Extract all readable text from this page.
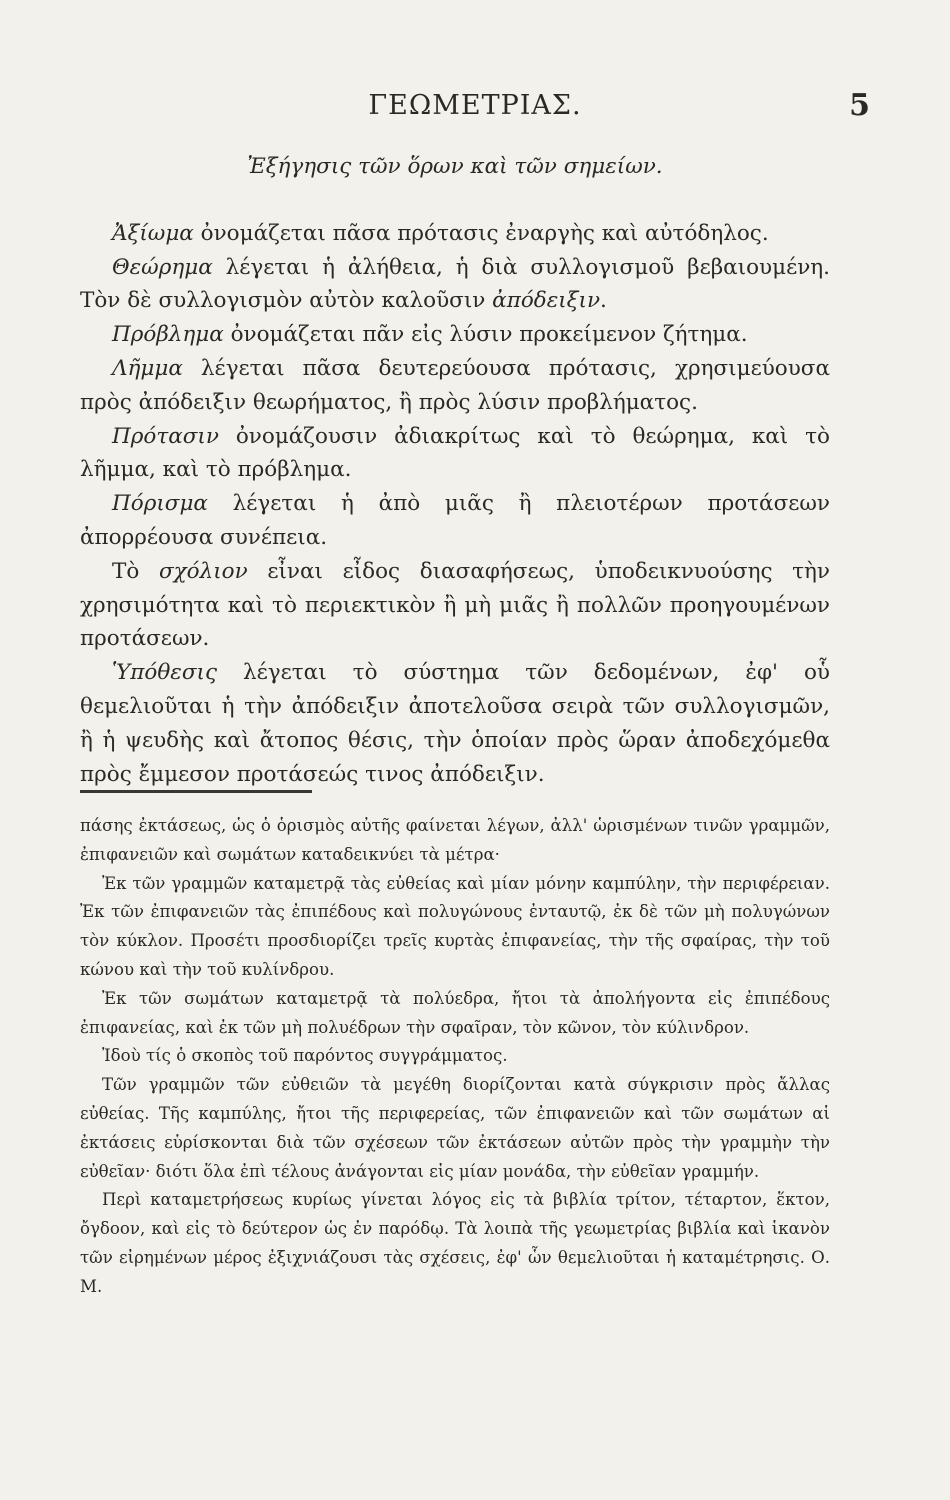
ΓΕΩΜΕΤΡΙΑΣ.	5

Ἐξήγησις τῶν ὅρων καὶ τῶν σημείων.

Ἀξίωμα ὀνομάζεται πᾶσα πρότασις ἐναργὴς καὶ αὐτόδηλος.

Θεώρημα λέγεται ἡ ἀλήθεια, ἡ διὰ συλλογισμοῦ βεβαιουμένη. Τὸν δὲ συλλογισμὸν αὐτὸν καλοῦσιν ἀπόδειξιν.

Πρόβλημα ὀνομάζεται πᾶν εἰς λύσιν προκείμενον ζήτημα.

Λῆμμα λέγεται πᾶσα δευτερεύουσα πρότασις, χρησιμεύουσα πρὸς ἀπόδειξιν θεωρήματος, ἢ πρὸς λύσιν προβλήματος.

Πρότασιν ὀνομάζουσιν ἀδιακρίτως καὶ τὸ θεώρημα, καὶ τὸ λῆμμα, καὶ τὸ πρόβλημα.

Πόρισμα λέγεται ἡ ἀπὸ μιᾶς ἢ πλειοτέρων προτάσεων ἀπορρέουσα συνέπεια.

Τὸ σχόλιον εἶναι εἶδος διασαφήσεως, ὑποδεικνυούσης τὴν χρησιμότητα καὶ τὸ περιεκτικὸν ἢ μὴ μιᾶς ἢ πολλῶν προηγουμένων προτάσεων.

Ὑπόθεσις λέγεται τὸ σύστημα τῶν δεδομένων, ἐφ' οὗ θεμελιοῦται ἡ τὴν ἀπόδειξιν ἀποτελοῦσα σειρὰ τῶν συλλογισμῶν, ἢ ἡ ψευδὴς καὶ ἄτοπος θέσις, τὴν ὁποίαν πρὸς ὥραν ἀποδεχόμεθα πρὸς ἔμμεσον προτάσεώς τινος ἀπόδειξιν.

πάσης ἐκτάσεως, ὡς ὁ ὁρισμὸς αὐτῆς φαίνεται λέγων, ἀλλ' ὡρισμένων τινῶν γραμμῶν, ἐπιφανειῶν καὶ σωμάτων καταδεικνύει τὰ μέτρα·

Ἐκ τῶν γραμμῶν καταμετρᾷ τὰς εὐθείας καὶ μίαν μόνην καμπύλην, τὴν περιφέρειαν. Ἐκ τῶν ἐπιφανειῶν τὰς ἐπιπέδους καὶ πολυγώνους ἐνταυτῷ, ἐκ δὲ τῶν μὴ πολυγώνων τὸν κύκλον. Προσέτι προσδιορίζει τρεῖς κυρτὰς ἐπιφανείας, τὴν τῆς σφαίρας, τὴν τοῦ κώνου καὶ τὴν τοῦ κυλίνδρου.

Ἐκ τῶν σωμάτων καταμετρᾷ τὰ πολύεδρα, ἤτοι τὰ ἀπολήγοντα εἰς ἐπιπέδους ἐπιφανείας, καὶ ἐκ τῶν μὴ πολυέδρων τὴν σφαῖραν, τὸν κῶνον, τὸν κύλινδρον.

Ἰδοὺ τίς ὁ σκοπὸς τοῦ παρόντος συγγράμματος.

Τῶν γραμμῶν τῶν εὐθειῶν τὰ μεγέθη διορίζονται κατὰ σύγκρισιν πρὸς ἄλλας εὐθείας. Τῆς καμπύλης, ἤτοι τῆς περιφερείας, τῶν ἐπιφανειῶν καὶ τῶν σωμάτων αἱ ἐκτάσεις εὑρίσκονται διὰ τῶν σχέσεων τῶν ἐκτάσεων αὐτῶν πρὸς τὴν γραμμὴν τὴν εὐθεῖαν· διότι ὅλα ἐπὶ τέλους ἀνάγονται εἰς μίαν μονάδα, τὴν εὐθεῖαν γραμμήν.

Περὶ καταμετρήσεως κυρίως γίνεται λόγος εἰς τὰ βιβλία τρίτον, τέταρτον, ἕκτον, ὄγδοον, καὶ εἰς τὸ δεύτερον ὡς ἐν παρόδῳ. Τὰ λοιπὰ τῆς γεωμετρίας βιβλία καὶ ἱκανὸν τῶν εἰρημένων μέρος ἐξιχνιάζουσι τὰς σχέσεις, ἐφ' ὧν θεμελιοῦται ἡ καταμέτρησις. Ο. Μ.
